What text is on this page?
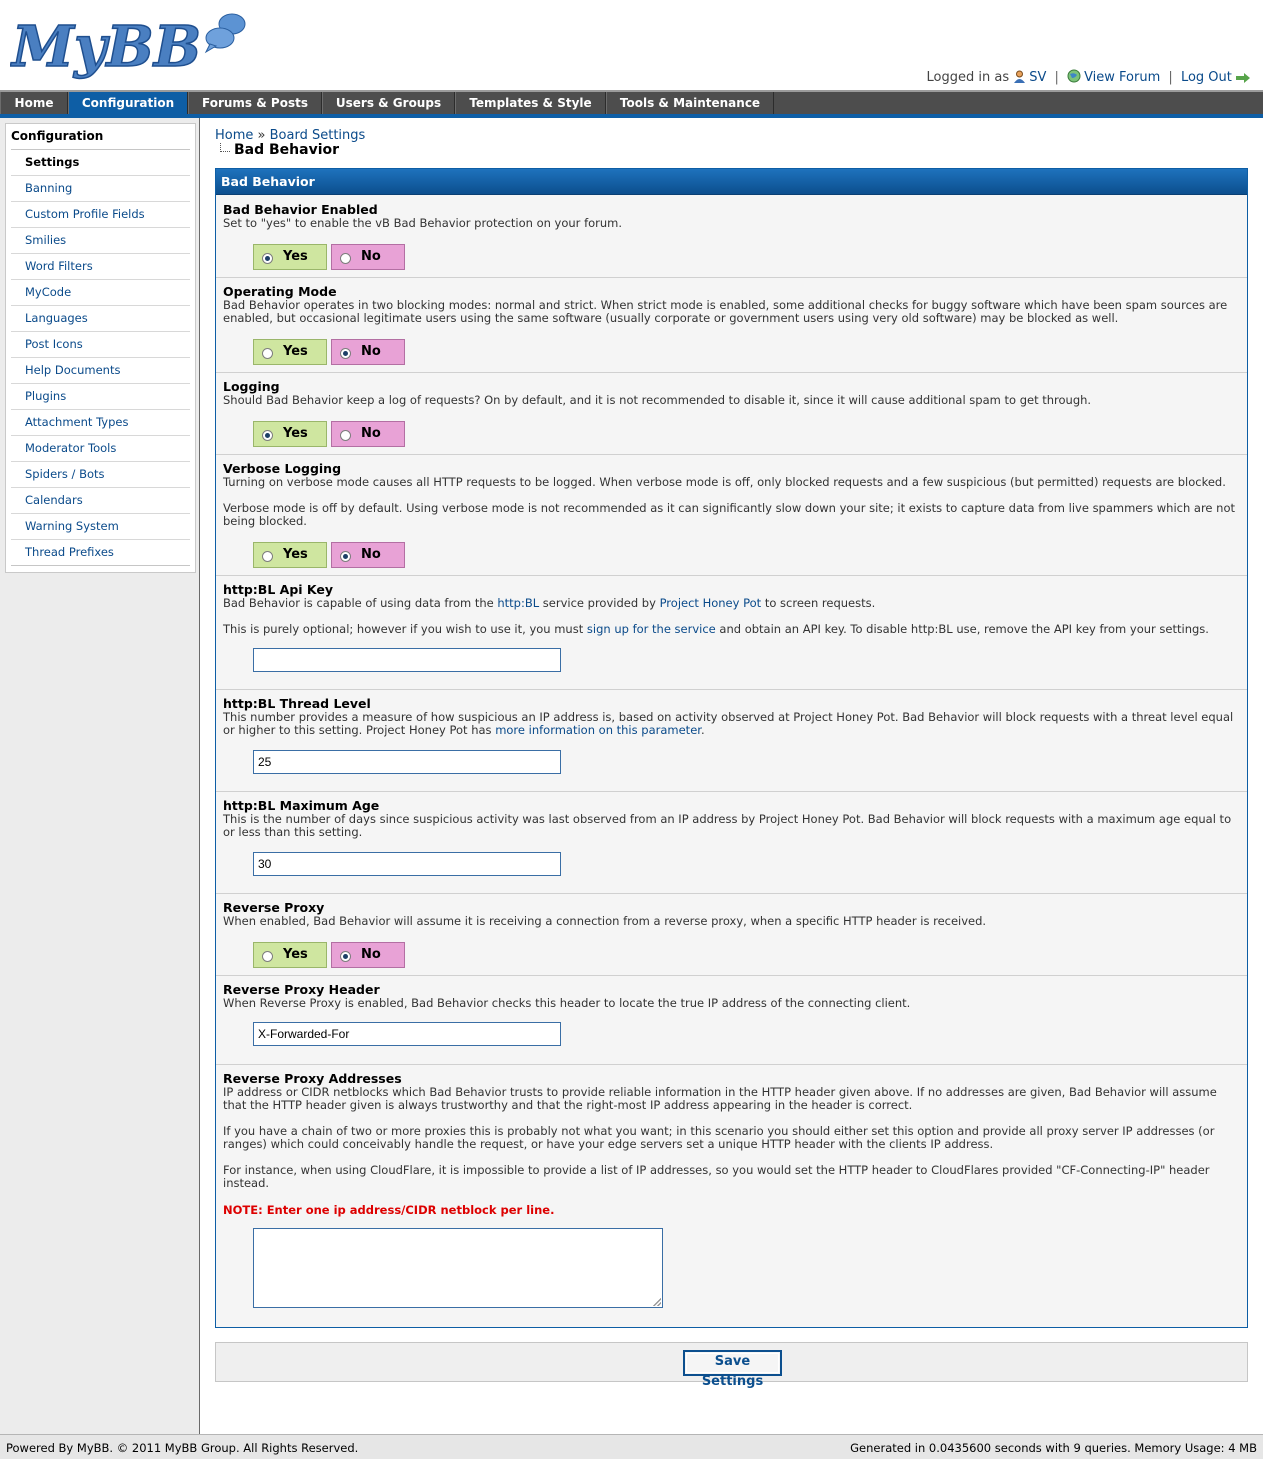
MyBB	Logged in as SV | View Forum | Log Out
Home	Configuration	Forums & Posts	Users & Groups	Templates & Style	Tools & Maintenance
Configuration
Settings
Banning
Custom Profile Fields
Smilies
Word Filters
MyCode
Languages
Post Icons
Help Documents
Plugins
Attachment Types
Moderator Tools
Spiders / Bots
Calendars
Warning System
Thread Prefixes
Home » Board Settings
Bad Behavior
Bad Behavior
Bad Behavior Enabled
Set to "yes" to enable the vB Bad Behavior protection on your forum.
Yes	No
Operating Mode
Bad Behavior operates in two blocking modes: normal and strict. When strict mode is enabled, some additional checks for buggy software which have been spam sources are enabled, but occasional legitimate users using the same software (usually corporate or government users using very old software) may be blocked as well.
Yes	No
Logging
Should Bad Behavior keep a log of requests? On by default, and it is not recommended to disable it, since it will cause additional spam to get through.
Yes	No
Verbose Logging
Turning on verbose mode causes all HTTP requests to be logged. When verbose mode is off, only blocked requests and a few suspicious (but permitted) requests are blocked.
Verbose mode is off by default. Using verbose mode is not recommended as it can significantly slow down your site; it exists to capture data from live spammers which are not being blocked.
Yes	No
http:BL Api Key
Bad Behavior is capable of using data from the http:BL service provided by Project Honey Pot to screen requests.
This is purely optional; however if you wish to use it, you must sign up for the service and obtain an API key. To disable http:BL use, remove the API key from your settings.
http:BL Thread Level
This number provides a measure of how suspicious an IP address is, based on activity observed at Project Honey Pot. Bad Behavior will block requests with a threat level equal or higher to this setting. Project Honey Pot has more information on this parameter.
25
http:BL Maximum Age
This is the number of days since suspicious activity was last observed from an IP address by Project Honey Pot. Bad Behavior will block requests with a maximum age equal to or less than this setting.
30
Reverse Proxy
When enabled, Bad Behavior will assume it is receiving a connection from a reverse proxy, when a specific HTTP header is received.
Yes	No
Reverse Proxy Header
When Reverse Proxy is enabled, Bad Behavior checks this header to locate the true IP address of the connecting client.
X-Forwarded-For
Reverse Proxy Addresses
IP address or CIDR netblocks which Bad Behavior trusts to provide reliable information in the HTTP header given above. If no addresses are given, Bad Behavior will assume that the HTTP header given is always trustworthy and that the right-most IP address appearing in the header is correct.
If you have a chain of two or more proxies this is probably not what you want; in this scenario you should either set this option and provide all proxy server IP addresses (or ranges) which could conceivably handle the request, or have your edge servers set a unique HTTP header with the clients IP address.
For instance, when using CloudFlare, it is impossible to provide a list of IP addresses, so you would set the HTTP header to CloudFlares provided "CF-Connecting-IP" header instead.
NOTE: Enter one ip address/CIDR netblock per line.
Save Settings
Powered By MyBB. © 2011 MyBB Group. All Rights Reserved.	Generated in 0.0435600 seconds with 9 queries. Memory Usage: 4 MB
